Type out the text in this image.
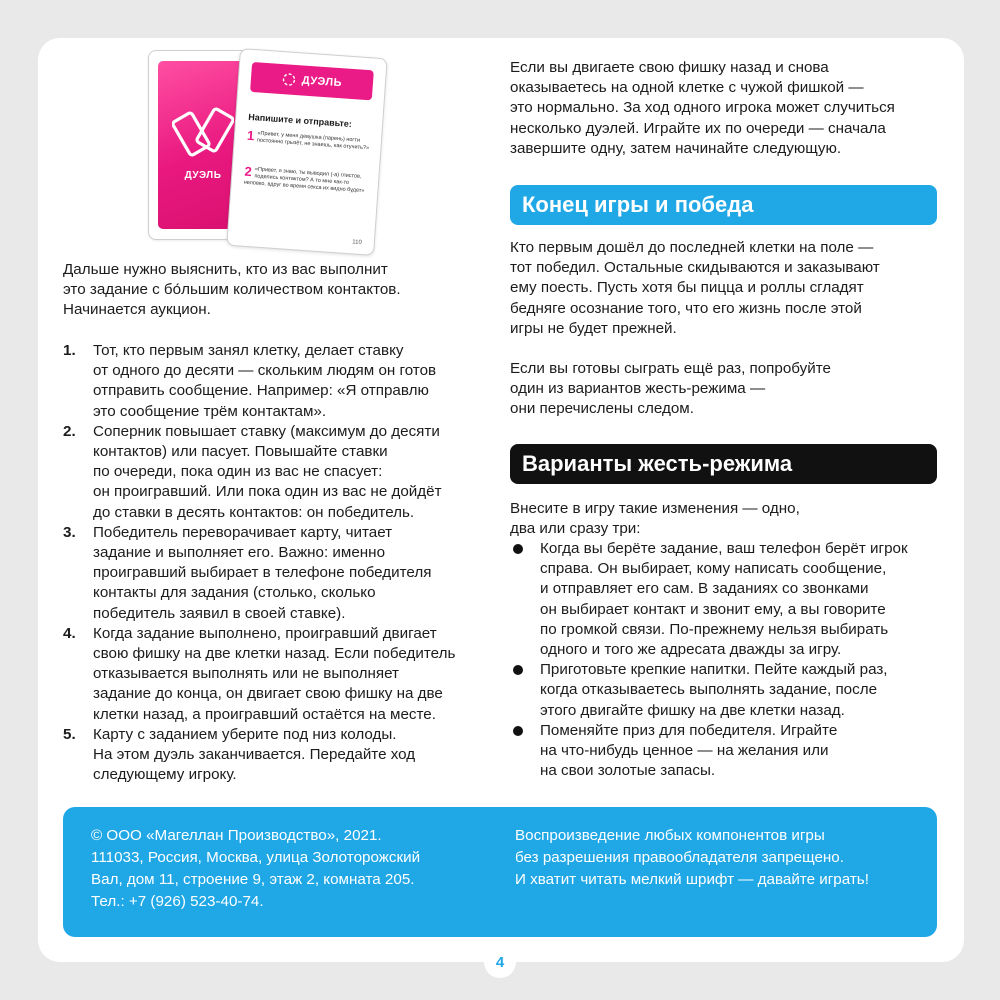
ДУЭЛЬ
ДУЭЛЬ
Напишите и отправьте:
1 «Привет, у меня девушка (парень) ногти постоянно грызёт, не знаешь, как отучить?»
2 «Привет, я знаю, ты выводил (-а) глистов, поделись контактом? А то мне как-то неловко, вдруг во время секса их видно будет»
110

Дальше нужно выяснить, кто из вас выполнит
это задание с бо́льшим количеством контактов.
Начинается аукцион.

1. Тот, кто первым занял клетку, делает ставку
от одного до десяти — скольким людям он готов
отправить сообщение. Например: «Я отправлю
это сообщение трём контактам».
2. Соперник повышает ставку (максимум до десяти
контактов) или пасует. Повышайте ставки
по очереди, пока один из вас не спасует:
он проигравший. Или пока один из вас не дойдёт
до ставки в десять контактов: он победитель.
3. Победитель переворачивает карту, читает
задание и выполняет его. Важно: именно
проигравший выбирает в телефоне победителя
контакты для задания (столько, сколько
победитель заявил в своей ставке).
4. Когда задание выполнено, проигравший двигает
свою фишку на две клетки назад. Если победитель
отказывается выполнять или не выполняет
задание до конца, он двигает свою фишку на две
клетки назад, а проигравший остаётся на месте.
5. Карту с заданием уберите под низ колоды.
На этом дуэль заканчивается. Передайте ход
следующему игроку.

Если вы двигаете свою фишку назад и снова
оказываетесь на одной клетке с чужой фишкой —
это нормально. За ход одного игрока может случиться
несколько дуэлей. Играйте их по очереди — сначала
завершите одну, затем начинайте следующую.

Конец игры и победа

Кто первым дошёл до последней клетки на поле —
тот победил. Остальные скидываются и заказывают
ему поесть. Пусть хотя бы пицца и роллы сгладят
бедняге осознание того, что его жизнь после этой
игры не будет прежней.

Если вы готовы сыграть ещё раз, попробуйте
один из вариантов жесть-режима —
они перечислены следом.

Варианты жесть-режима

Внесите в игру такие изменения — одно,
два или сразу три:

Когда вы берёте задание, ваш телефон берёт игрок
справа. Он выбирает, кому написать сообщение,
и отправляет его сам. В заданиях со звонками
он выбирает контакт и звонит ему, а вы говорите
по громкой связи. По-прежнему нельзя выбирать
одного и того же адресата дважды за игру.
Приготовьте крепкие напитки. Пейте каждый раз,
когда отказываетесь выполнять задание, после
этого двигайте фишку на две клетки назад.
Поменяйте приз для победителя. Играйте
на что-нибудь ценное — на желания или
на свои золотые запасы.
© ООО «Магеллан Производство», 2021.
111033, Россия, Москва, улица Золоторожский
Вал, дом 11, строение 9, этаж 2, комната 205.
Тел.: +7 (926) 523-40-74.
Воспроизведение любых компонентов игры
без разрешения правообладателя запрещено.
И хватит читать мелкий шрифт — давайте играть!
4
